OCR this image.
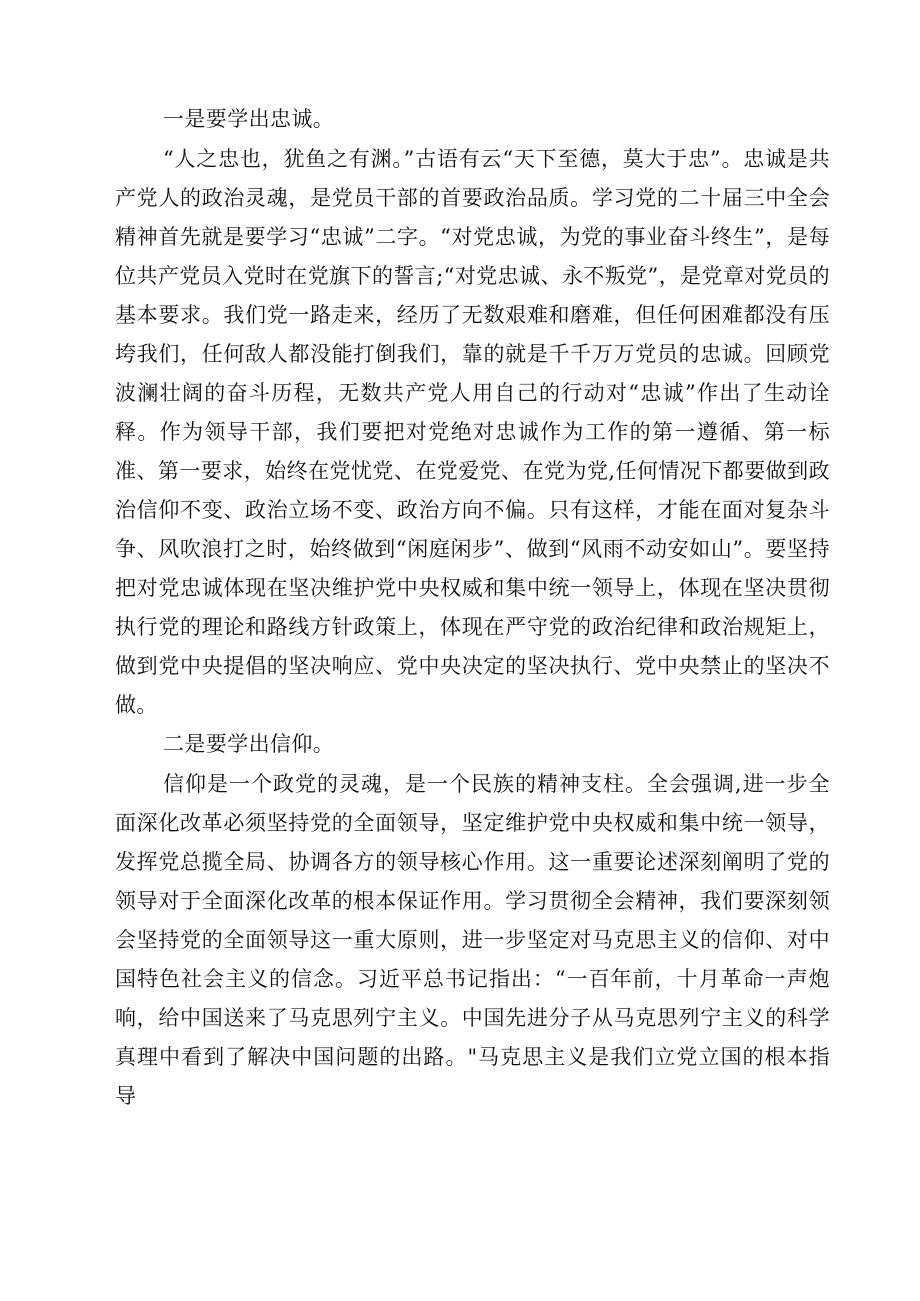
一是要学出忠诚。

“人之忠也，犹鱼之有渊。”古语有云“天下至德，莫大于忠”。忠诚是共产党人的政治灵魂，是党员干部的首要政治品质。学习党的二十届三中全会精神首先就是要学习“忠诚”二字。“对党忠诚，为党的事业奋斗终生”，是每位共产党员入党时在党旗下的誓言;“对党忠诚、永不叛党”，是党章对党员的基本要求。我们党一路走来，经历了无数艰难和磨难，但任何困难都没有压垮我们，任何敌人都没能打倒我们，靠的就是千千万万党员的忠诚。回顾党波澜壮阔的奋斗历程，无数共产党人用自己的行动对“忠诚”作出了生动诠释。作为领导干部，我们要把对党绝对忠诚作为工作的第一遵循、第一标准、第一要求，始终在党忧党、在党爱党、在党为党,任何情况下都要做到政治信仰不变、政治立场不变、政治方向不偏。只有这样，才能在面对复杂斗争、风吹浪打之时，始终做到“闲庭闲步”、做到“风雨不动安如山”。要坚持把对党忠诚体现在坚决维护党中央权威和集中统一领导上，体现在坚决贯彻执行党的理论和路线方针政策上，体现在严守党的政治纪律和政治规矩上，做到党中央提倡的坚决响应、党中央决定的坚决执行、党中央禁止的坚决不做。

二是要学出信仰。

信仰是一个政党的灵魂，是一个民族的精神支柱。全会强调,进一步全面深化改革必须坚持党的全面领导，坚定维护党中央权威和集中统一领导，发挥党总揽全局、协调各方的领导核心作用。这一重要论述深刻阐明了党的领导对于全面深化改革的根本保证作用。学习贯彻全会精神，我们要深刻领会坚持党的全面领导这一重大原则，进一步坚定对马克思主义的信仰、对中国特色社会主义的信念。习近平总书记指出：“一百年前，十月革命一声炮响，给中国送来了马克思列宁主义。中国先进分子从马克思列宁主义的科学真理中看到了解决中国问题的出路。"马克思主义是我们立党立国的根本指导
